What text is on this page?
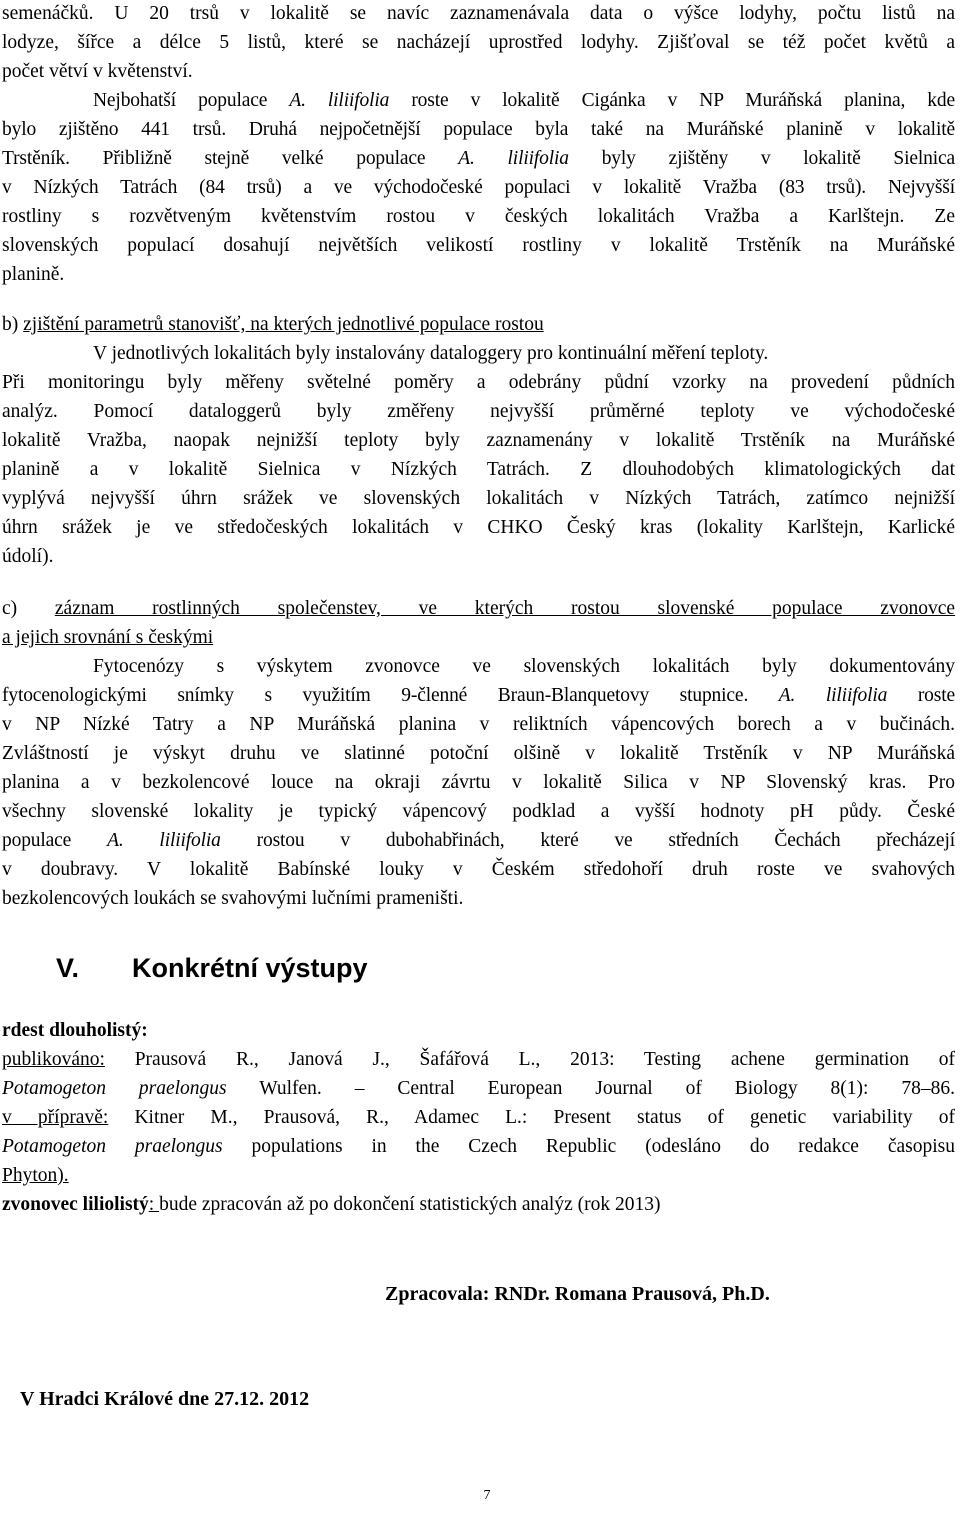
semenáčků. U 20 trsů v lokalitě se navíc zaznamenávala data o výšce lodyhy, počtu listů na
lodyze, šířce a délce 5 listů, které se nacházejí uprostřed lodyhy. Zjišťoval se též počet květů a
počet větví v květenství.
Nejbohatší populace A. liliifolia roste v lokalitě Cigánka v NP Muráňská planina, kde
bylo zjištěno 441 trsů. Druhá nejpočetnější populace byla také na Muráňské planině v lokalitě
Trstěník. Přibližně stejně velké populace A. liliifolia byly zjištěny v lokalitě Sielnica
v Nízkých Tatrách (84 trsů) a ve východočeské populaci v lokalitě Vražba (83 trsů). Nejvyšší
rostliny s rozvětveným květenstvím rostou v českých lokalitách Vražba a Karlštejn. Ze
slovenských populací dosahují největších velikostí rostliny v lokalitě Trstěník na Muráňské
planině.
b) zjištění parametrů stanovišť, na kterých jednotlivé populace rostou
V jednotlivých lokalitách byly instalovány dataloggery pro kontinuální měření teploty.
Při monitoringu byly měřeny světelné poměry a odebrány půdní vzorky na provedení půdních
analýz. Pomocí dataloggerů byly změřeny nejvyšší průměrné teploty ve východočeské
lokalitě Vražba, naopak nejnižší teploty byly zaznamenány v lokalitě Trstěník na Muráňské
planině a v lokalitě Sielnica v Nízkých Tatrách. Z dlouhodobých klimatologických dat
vyplývá nejvyšší úhrn srážek ve slovenských lokalitách v Nízkých Tatrách, zatímco nejnižší
úhrn srážek je ve středočeských lokalitách v CHKO Český kras (lokality Karlštejn, Karlické
údolí).
c) záznam rostlinných společenstev, ve kterých rostou slovenské populace zvonovce
a jejich srovnání s českými
Fytocenózy s výskytem zvonovce ve slovenských lokalitách byly dokumentovány
fytocenologickými snímky s využitím 9-členné Braun-Blanquetovy stupnice. A. liliifolia roste
v NP Nízké Tatry a NP Muráňská planina v reliktních vápencových borech a v bučinách.
Zvláštností je výskyt druhu ve slatinné potoční olšině v lokalitě Trstěník v NP Muráňská
planina a v bezkolencové louce na okraji závrtu v lokalitě Silica v NP Slovenský kras. Pro
všechny slovenské lokality je typický vápencový podklad a vyšší hodnoty pH půdy. České
populace A. liliifolia rostou v dubohabřinách, které ve středních Čechách přecházejí
v doubravy. V lokalitě Babínské louky v Českém středohoří druh roste ve svahových
bezkolencových loukách se svahovými lučními prameništi.
V. Konkrétní výstupy
rdest dlouholistý:
publikováno: Prausová R., Janová J., Šafářová L., 2013: Testing achene germination of
Potamogeton praelongus Wulfen. – Central European Journal of Biology 8(1): 78–86.
v přípravě: Kitner M., Prausová, R., Adamec L.: Present status of genetic variability of
Potamogeton praelongus populations in the Czech Republic (odesláno do redakce časopisu
Phyton).
zvonovec liliolistý: bude zpracován až po dokončení statistických analýz (rok 2013)
Zpracovala: RNDr. Romana Prausová, Ph.D.
V Hradci Králové dne 27.12. 2012
7
